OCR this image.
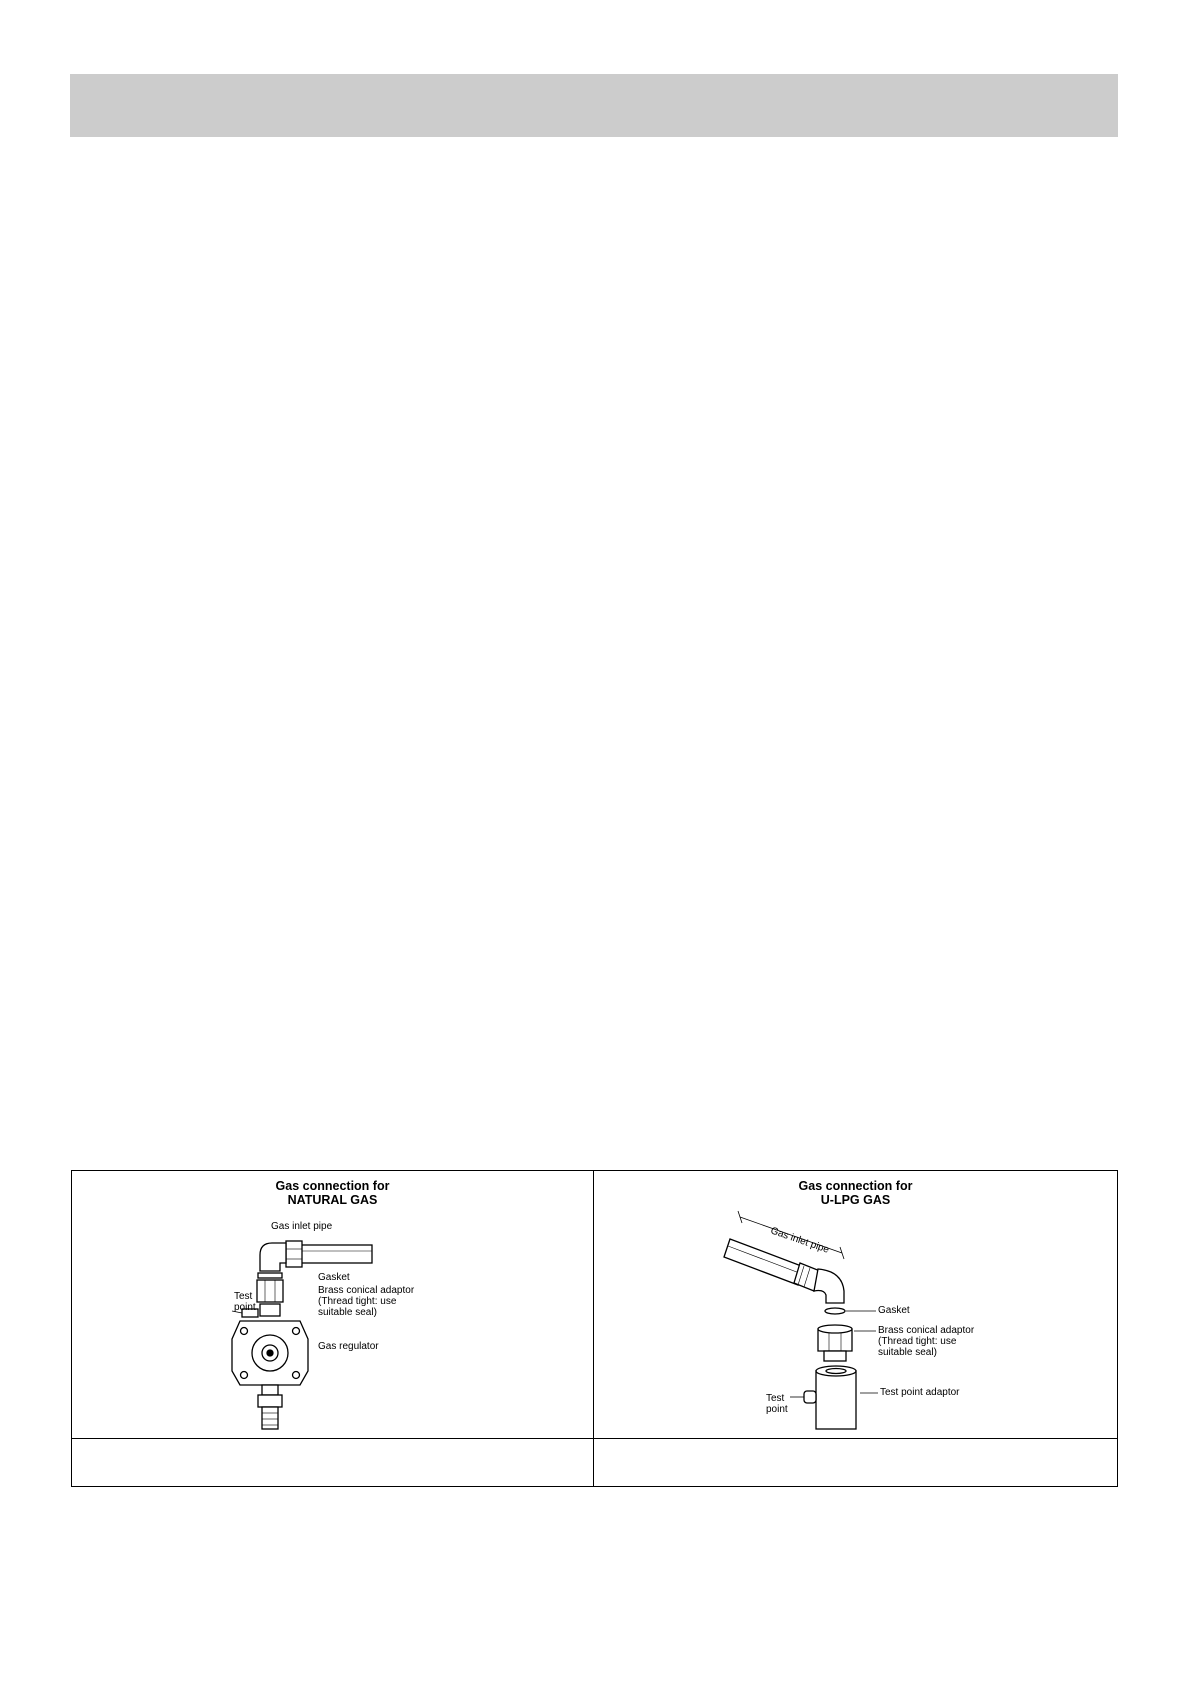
Gas connection for
NATURAL GAS
Gas inlet pipe
Gasket
Brass conical adaptor
(Thread tight: use
suitable seal)
Test
point
Gas regulator
Gas connection for
U-LPG GAS
Gas inlet pipe
Gasket
Brass conical adaptor
(Thread tight: use
suitable seal)
Test
point
Test point adaptor
